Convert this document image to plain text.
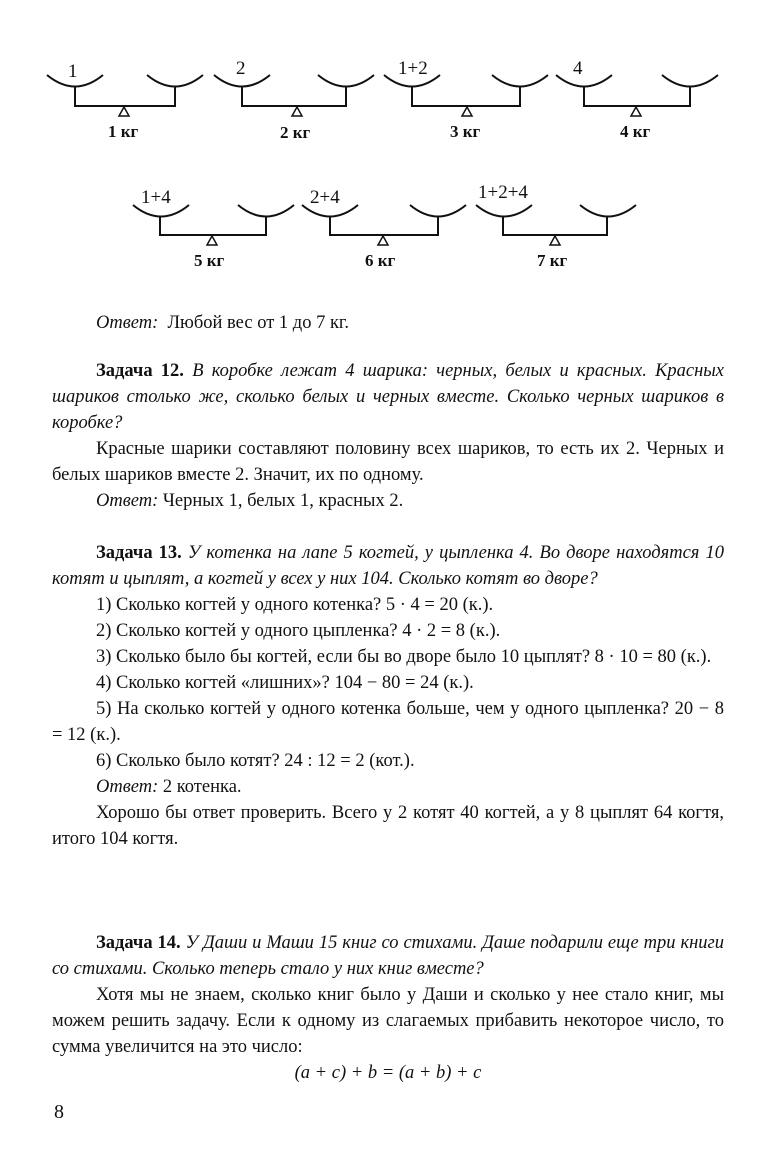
1
1 кг
2
2 кг
1+2
3 кг
4
4 кг
1+4
5 кг
2+4
6 кг
1+2+4
7 кг

Ответ: Любой вес от 1 до 7 кг.

Задача 12. В коробке лежат 4 шарика: черных, белых и красных. Красных шариков столько же, сколько белых и черных вместе. Сколько черных шариков в коробке?

Красные шарики составляют половину всех шариков, то есть их 2. Черных и белых шариков вместе 2. Значит, их по одному.

Ответ: Черных 1, белых 1, красных 2.

Задача 13. У котенка на лапе 5 когтей, у цыпленка 4. Во дворе находятся 10 котят и цыплят, а когтей у всех у них 104. Сколько котят во дворе?

1) Сколько когтей у одного котенка? 5 · 4 = 20 (к.).

2) Сколько когтей у одного цыпленка? 4 · 2 = 8 (к.).

3) Сколько было бы когтей, если бы во дворе было 10 цыплят? 8 · 10 = 80 (к.).

4) Сколько когтей «лишних»? 104 − 80 = 24 (к.).

5) На сколько когтей у одного котенка больше, чем у одного цыпленка? 20 − 8 = 12 (к.).

6) Сколько было котят? 24 : 12 = 2 (кот.).

Ответ: 2 котенка.

Хорошо бы ответ проверить. Всего у 2 котят 40 когтей, а у 8 цыплят 64 когтя, итого 104 когтя.

Задача 14. У Даши и Маши 15 книг со стихами. Даше подарили еще три книги со стихами. Сколько теперь стало у них книг вместе?

Хотя мы не знаем, сколько книг было у Даши и сколько у нее стало книг, мы можем решить задачу. Если к одному из слагаемых прибавить некоторое число, то сумма увеличится на это число:

(a + c) + b = (a + b) + c

8
